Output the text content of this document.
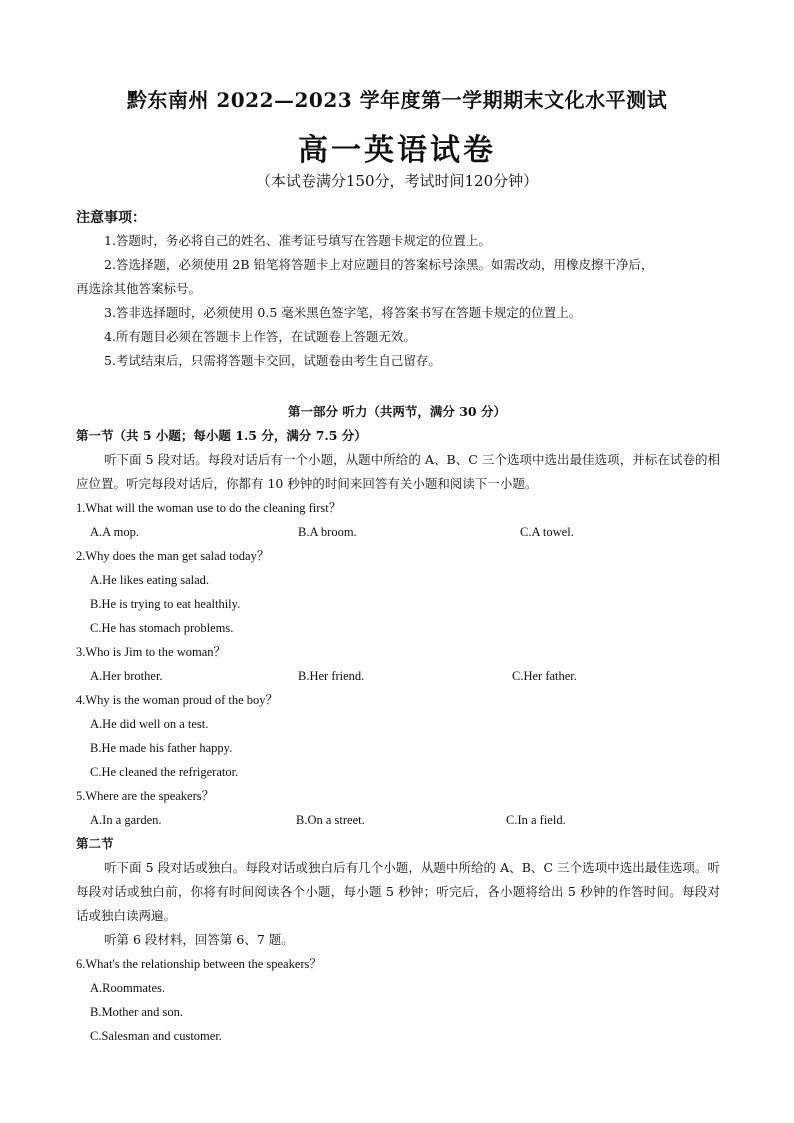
黔东南州 2022—2023 学年度第一学期期末文化水平测试
高一英语试卷
（本试卷满分150分，考试时间120分钟）
注意事项：

1.答题时，务必将自己的姓名、准考证号填写在答题卡规定的位置上。

2.答选择题，必须使用 2B 铅笔将答题卡上对应题目的答案标号涂黑。如需改动，用橡皮擦干净后，

再选涂其他答案标号。

3.答非选择题时，必须使用 0.5 毫米黑色签字笔，将答案书写在答题卡规定的位置上。

4.所有题目必须在答题卡上作答，在试题卷上答题无效。

5.考试结束后，只需将答题卡交回，试题卷由考生自己留存。

第一部分 听力（共两节，满分 30 分）
第一节（共 5 小题；每小题 1.5 分，满分 7.5 分）

听下面 5 段对话。每段对话后有一个小题，从题中所给的 A、B、C 三个选项中选出最佳选项，并标在试卷的相应位置。听完每段对话后，你都有 10 秒钟的时间来回答有关小题和阅读下一小题。

1.What will the woman use to do the cleaning first？
A.A mop.	B.A broom.	C.A towel.
2.Why does the man get salad today？
A.He likes eating salad.
B.He is trying to eat healthily.
C.He has stomach problems.
3.Who is Jim to the woman？
A.Her brother.	B.Her friend.	C.Her father.
4.Why is the woman proud of the boy？
A.He did well on a test.
B.He made his father happy.
C.He cleaned the refrigerator.
5.Where are the speakers？
A.In a garden.	B.On a street.	C.In a field.
第二节

听下面 5 段对话或独白。每段对话或独白后有几个小题，从题中所给的 A、B、C 三个选项中选出最佳选项。听每段对话或独白前，你将有时间阅读各个小题，每小题 5 秒钟；听完后，各小题将给出 5 秒钟的作答时间。每段对话或独白读两遍。

听第 6 段材料，回答第 6、7 题。

6.What's the relationship between the speakers？
A.Roommates.
B.Mother and son.
C.Salesman and customer.
